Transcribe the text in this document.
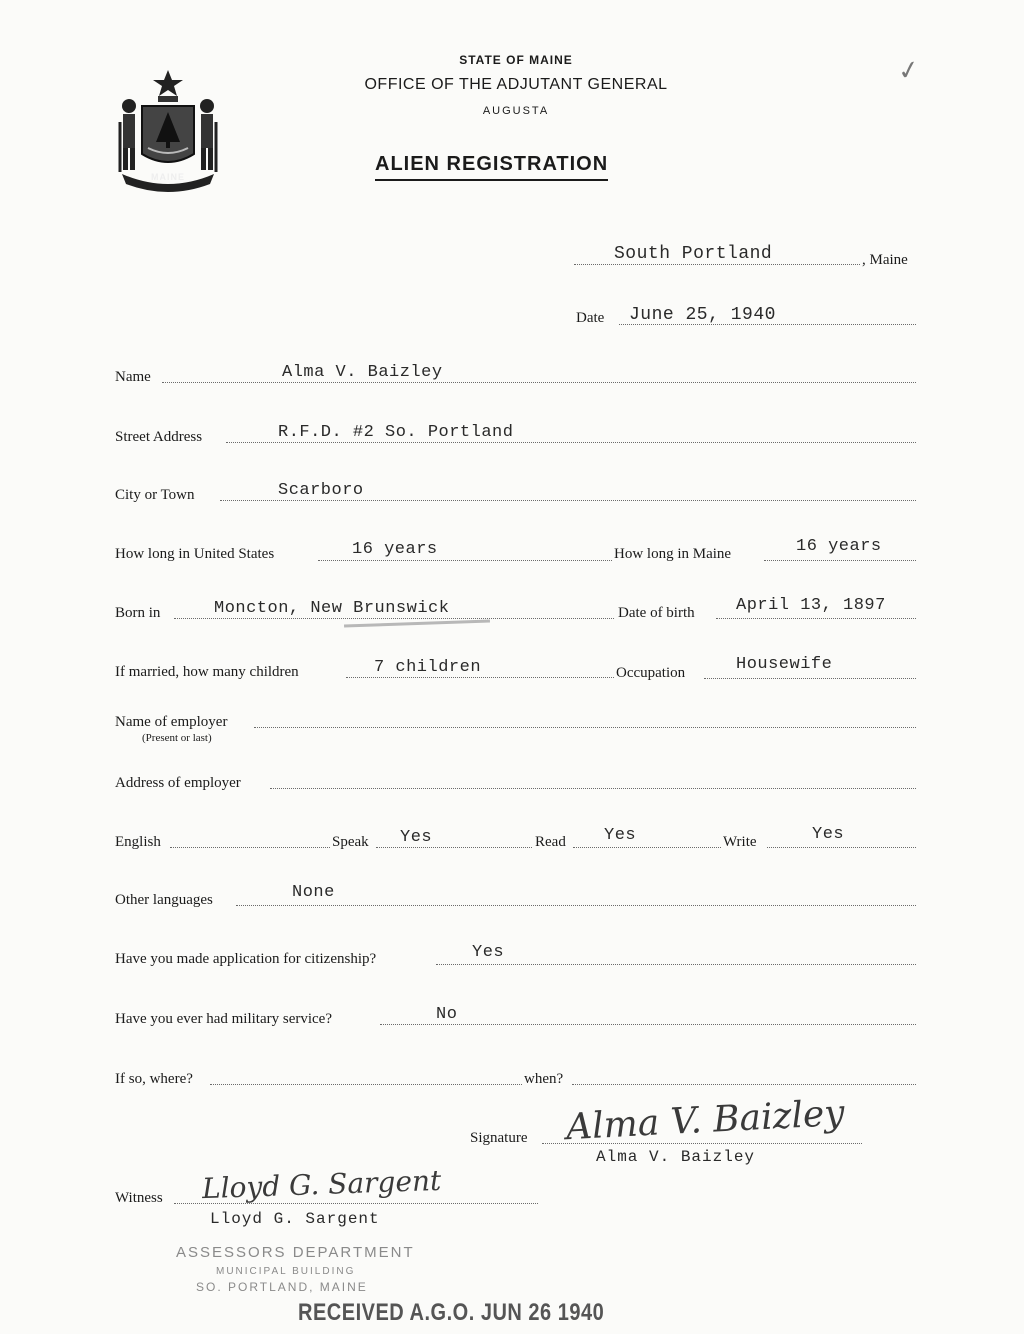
STATE OF MAINE
OFFICE OF THE ADJUTANT GENERAL
AUGUSTA
ALIEN REGISTRATION
✓
MAINE
South Portland	, Maine
Date June 25, 1940
Name	Alma V. Baizley
Street Address	R.F.D. #2 So. Portland
City or Town	Scarboro
How long in United States	16 years	How long in Maine	16 years
Born in	Moncton, New Brunswick	Date of birth April 13, 1897
If married, how many children	7 children	Occupation	Housewife
Name of employer
(Present or last)
Address of employer
English	Speak Yes	Read Yes	Write	Yes
Other languages	None
Have you made application for citizenship?	Yes
Have you ever had military service?	No
If so, where?	when?
Signature Alma V. Baizley
Alma V. Baizley
Witness Lloyd G. Sargent
Lloyd G. Sargent
ASSESSORS DEPARTMENT
MUNICIPAL BUILDING
SO. PORTLAND, MAINE
RECEIVED A.G.O. JUN 26 1940
